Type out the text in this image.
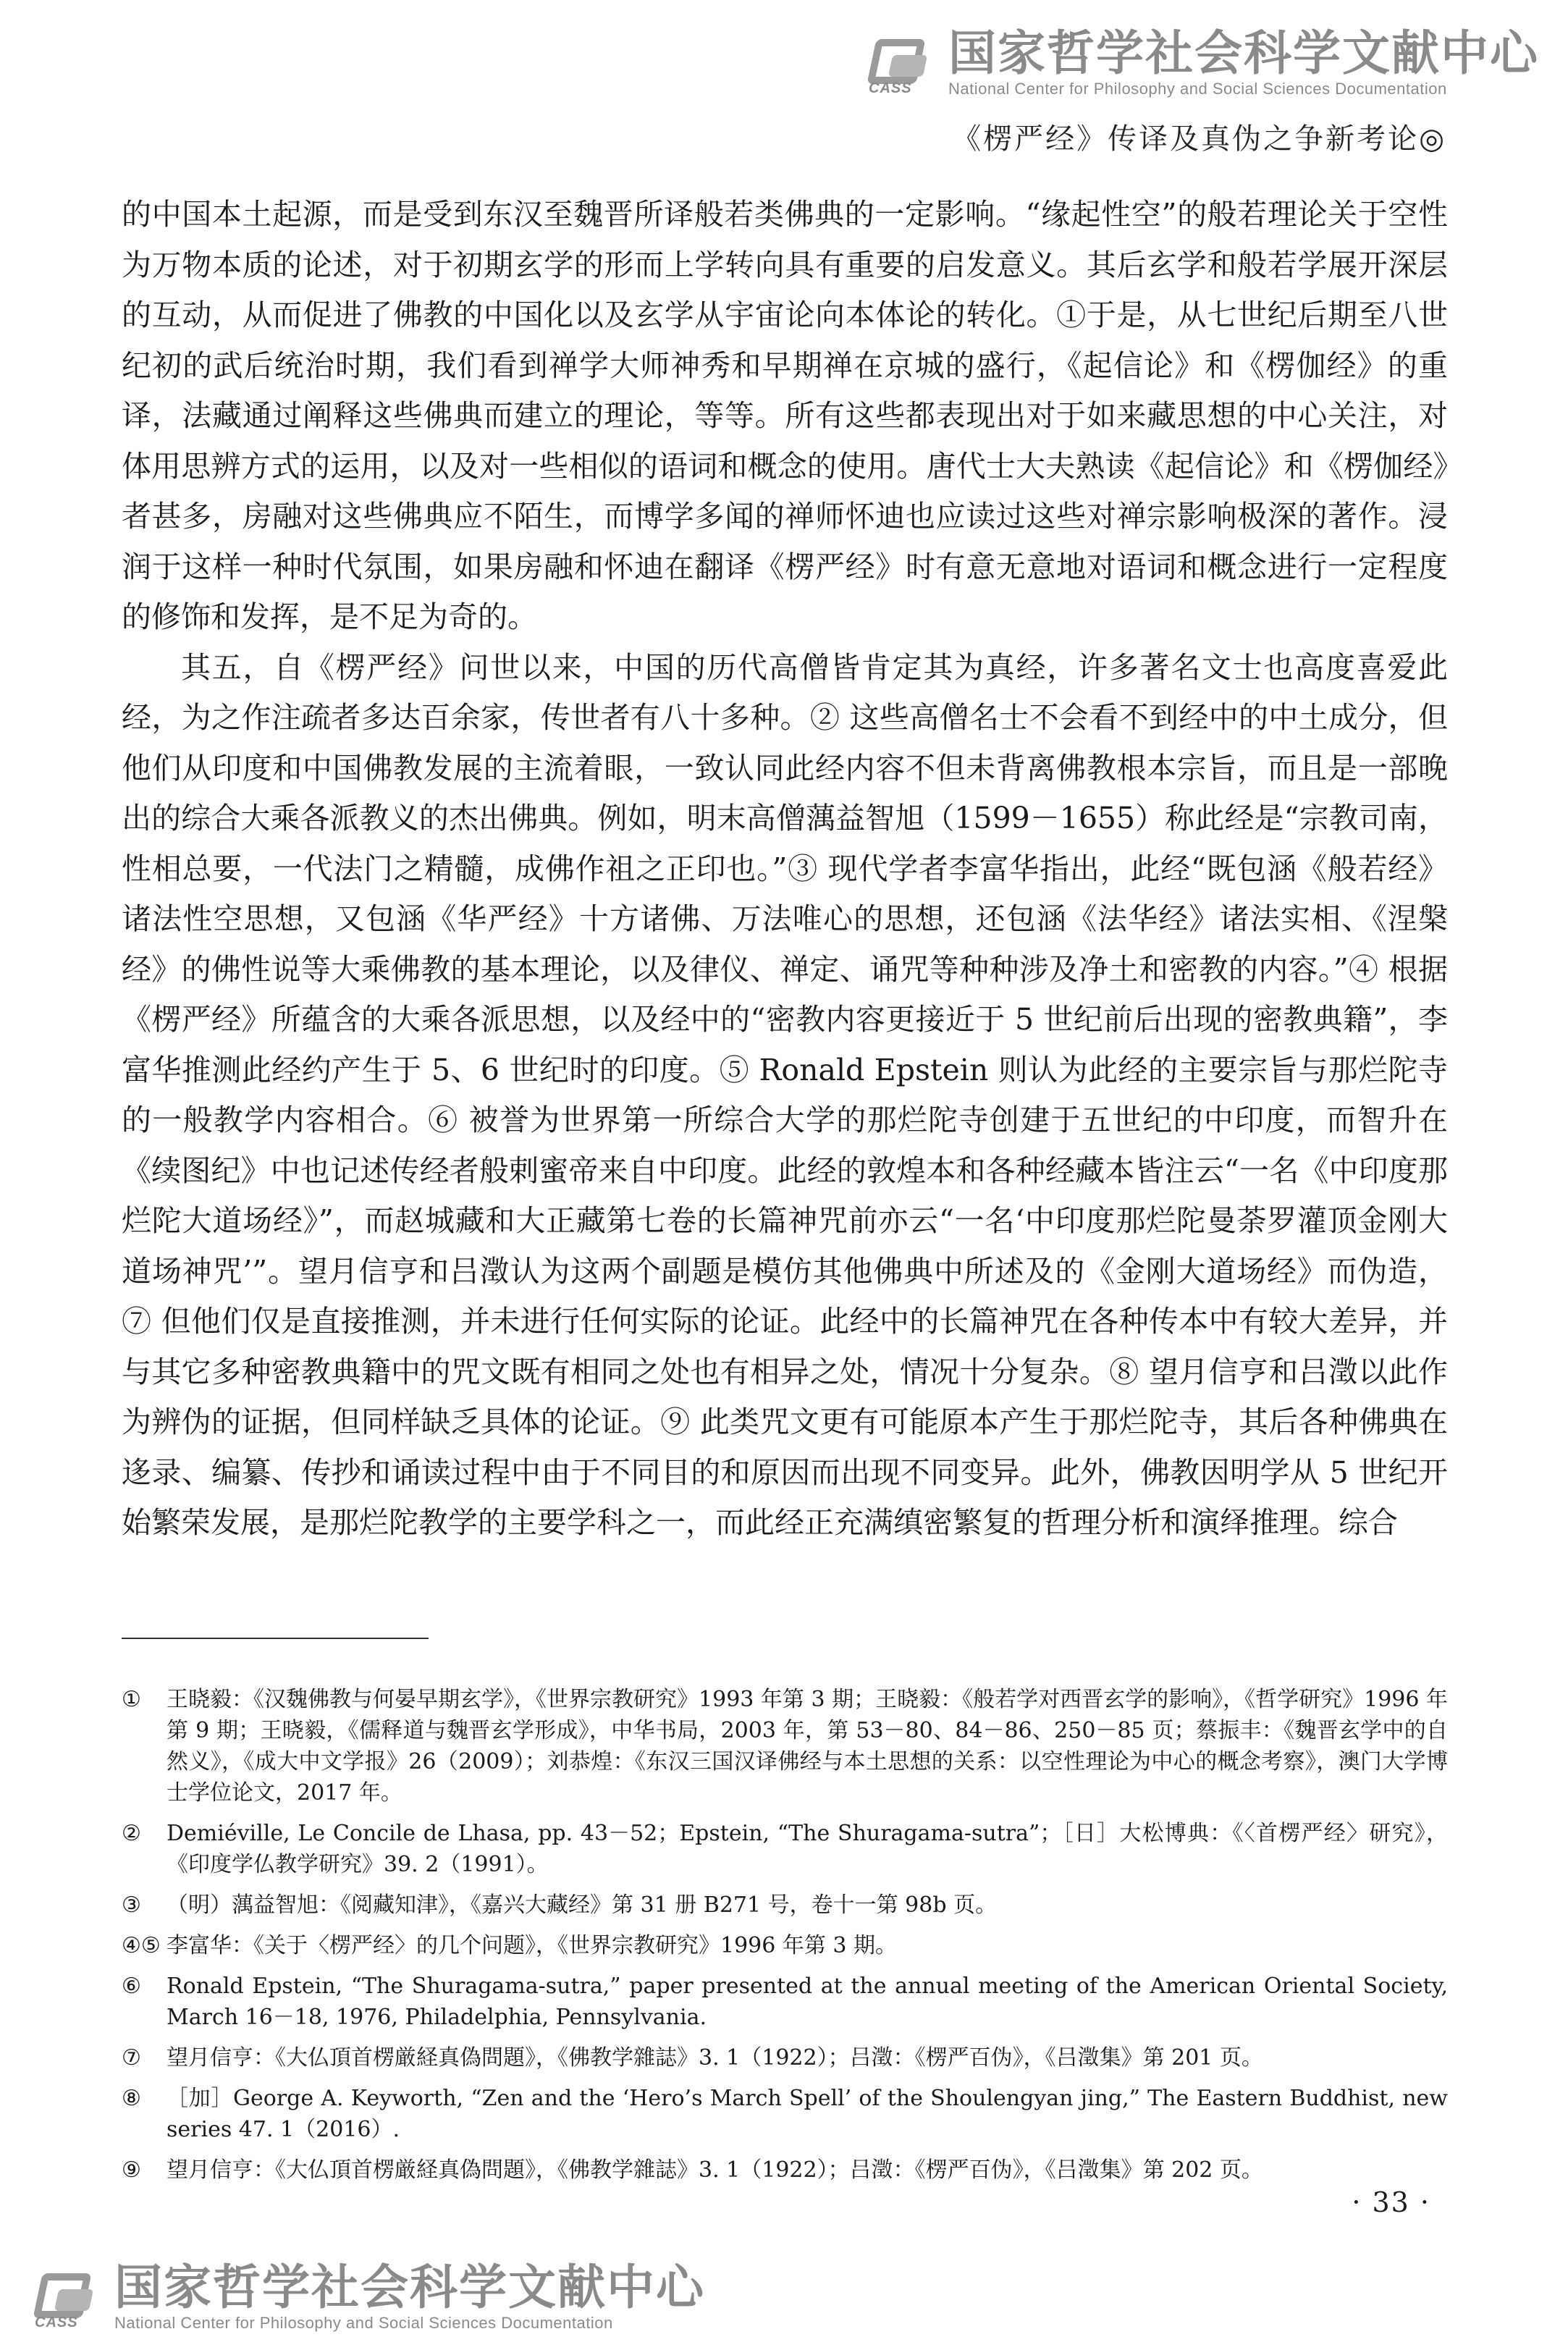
CASS
国家哲学社会科学文献中心
National Center for Philosophy and Social Sciences Documentation
《楞严经》传译及真伪之争新考论◎

的中国本土起源，而是受到东汉至魏晋所译般若类佛典的一定影响。“缘起性空”的般若理论关于空性为万物本质的论述，对于初期玄学的形而上学转向具有重要的启发意义。其后玄学和般若学展开深层的互动，从而促进了佛教的中国化以及玄学从宇宙论向本体论的转化。①于是，从七世纪后期至八世纪初的武后统治时期，我们看到禅学大师神秀和早期禅在京城的盛行，《起信论》和《楞伽经》的重译，法藏通过阐释这些佛典而建立的理论，等等。所有这些都表现出对于如来藏思想的中心关注，对体用思辨方式的运用，以及对一些相似的语词和概念的使用。唐代士大夫熟读《起信论》和《楞伽经》者甚多，房融对这些佛典应不陌生，而博学多闻的禅师怀迪也应读过这些对禅宗影响极深的著作。浸润于这样一种时代氛围，如果房融和怀迪在翻译《楞严经》时有意无意地对语词和概念进行一定程度的修饰和发挥，是不足为奇的。

其五，自《楞严经》问世以来，中国的历代高僧皆肯定其为真经，许多著名文士也高度喜爱此经，为之作注疏者多达百余家，传世者有八十多种。② 这些高僧名士不会看不到经中的中土成分，但他们从印度和中国佛教发展的主流着眼，一致认同此经内容不但未背离佛教根本宗旨，而且是一部晚出的综合大乘各派教义的杰出佛典。例如，明末高僧蕅益智旭（1599－1655）称此经是“宗教司南，性相总要，一代法门之精髓，成佛作祖之正印也。”③ 现代学者李富华指出，此经“既包涵《般若经》诸法性空思想，又包涵《华严经》十方诸佛、万法唯心的思想，还包涵《法华经》诸法实相、《涅槃经》的佛性说等大乘佛教的基本理论，以及律仪、禅定、诵咒等种种涉及净土和密教的内容。”④ 根据《楞严经》所蕴含的大乘各派思想，以及经中的“密教内容更接近于 5 世纪前后出现的密教典籍”，李富华推测此经约产生于 5、6 世纪时的印度。⑤ Ronald Epstein 则认为此经的主要宗旨与那烂陀寺的一般教学内容相合。⑥ 被誉为世界第一所综合大学的那烂陀寺创建于五世纪的中印度，而智升在《续图纪》中也记述传经者般剌蜜帝来自中印度。此经的敦煌本和各种经藏本皆注云“一名《中印度那烂陀大道场经》”，而赵城藏和大正藏第七卷的长篇神咒前亦云“一名‘中印度那烂陀曼荼罗灌顶金刚大道场神咒’”。望月信亨和吕澂认为这两个副题是模仿其他佛典中所述及的《金刚大道场经》而伪造，⑦ 但他们仅是直接推测，并未进行任何实际的论证。此经中的长篇神咒在各种传本中有较大差异，并与其它多种密教典籍中的咒文既有相同之处也有相异之处，情况十分复杂。⑧ 望月信亨和吕澂以此作为辨伪的证据，但同样缺乏具体的论证。⑨ 此类咒文更有可能原本产生于那烂陀寺，其后各种佛典在迻录、编纂、传抄和诵读过程中由于不同目的和原因而出现不同变异。此外，佛教因明学从 5 世纪开始繁荣发展，是那烂陀教学的主要学科之一，而此经正充满缜密繁复的哲理分析和演绎推理。综合

①	王晓毅：《汉魏佛教与何晏早期玄学》，《世界宗教研究》1993 年第 3 期；王晓毅：《般若学对西晋玄学的影响》，《哲学研究》1996 年第 9 期；王晓毅，《儒释道与魏晋玄学形成》，中华书局，2003 年，第 53－80、84－86、250－85 页；蔡振丰：《魏晋玄学中的自然义》，《成大中文学报》26（2009）；刘恭煌：《东汉三国汉译佛经与本土思想的关系：以空性理论为中心的概念考察》，澳门大学博士学位论文，2017 年。
②	Demiéville, Le Concile de Lhasa, pp. 43－52；Epstein, “The Shuragama-sutra”；［日］大松博典：《〈首楞严经〉研究》，《印度学仏教学研究》39. 2（1991）。
③	（明）蕅益智旭：《阅藏知津》，《嘉兴大藏经》第 31 册 B271 号，卷十一第 98b 页。
④⑤ 李富华：《关于〈楞严经〉的几个问题》，《世界宗教研究》1996 年第 3 期。
⑥	Ronald Epstein, “The Shuragama-sutra,” paper presented at the annual meeting of the American Oriental Society, March 16－18, 1976, Philadelphia, Pennsylvania.
⑦	望月信亨：《大仏頂首楞厳経真偽問題》，《佛教学雜誌》3. 1（1922）；吕澂：《楞严百伪》，《吕澂集》第 201 页。
⑧	［加］George A. Keyworth, “Zen and the ‘Hero’s March Spell’ of the Shoulengyan jing,” The Eastern Buddhist, new series 47. 1（2016）.
⑨	望月信亨：《大仏頂首楞厳経真偽問題》，《佛教学雜誌》3. 1（1922）；吕澂：《楞严百伪》，《吕澂集》第 202 页。
· 33 ·
CASS
国家哲学社会科学文献中心
National Center for Philosophy and Social Sciences Documentation
